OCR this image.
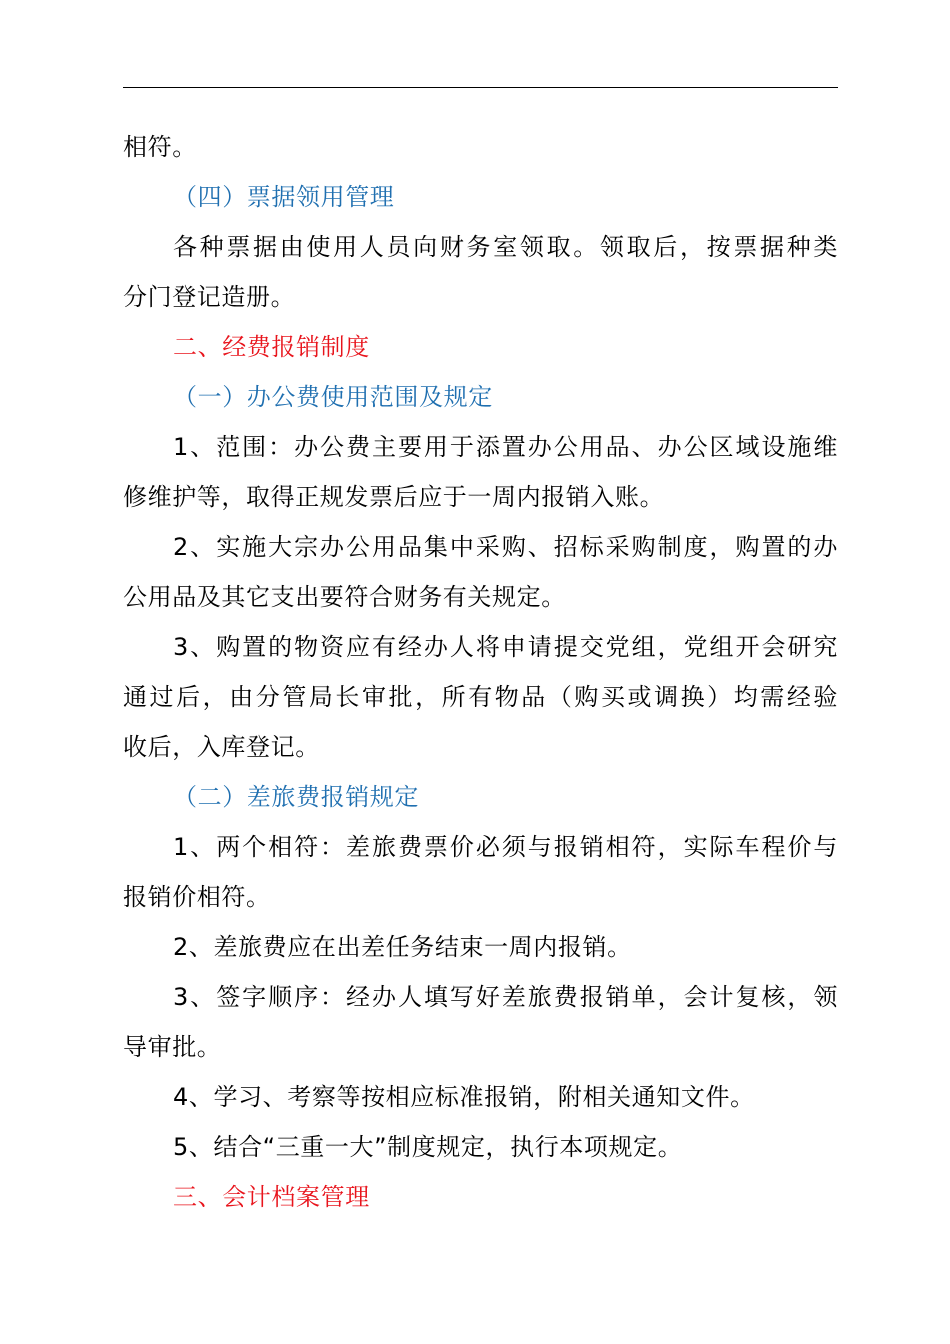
相符。
（四）票据领用管理
各种票据由使用人员向财务室领取。领取后，按票据种类
分门登记造册。
二、经费报销制度
（一）办公费使用范围及规定
1、范围：办公费主要用于添置办公用品、办公区域设施维
修维护等，取得正规发票后应于一周内报销入账。
2、实施大宗办公用品集中采购、招标采购制度，购置的办
公用品及其它支出要符合财务有关规定。
3、购置的物资应有经办人将申请提交党组，党组开会研究
通过后，由分管局长审批，所有物品（购买或调换）均需经验
收后，入库登记。
（二）差旅费报销规定
1、两个相符：差旅费票价必须与报销相符，实际车程价与
报销价相符。
2、差旅费应在出差任务结束一周内报销。
3、签字顺序：经办人填写好差旅费报销单，会计复核，领
导审批。
4、学习、考察等按相应标准报销，附相关通知文件。
5、结合“三重一大”制度规定，执行本项规定。
三、会计档案管理
